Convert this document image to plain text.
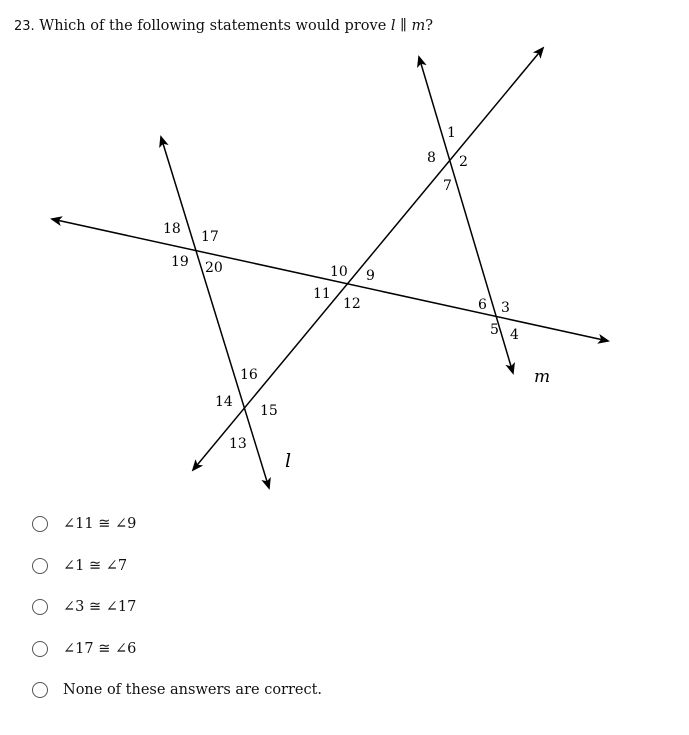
23. Which of the following statements would prove l ∥ m?
1
2
8
7
18 17
19 20	10 9
11
12	6 3
5 4
16
14
15
13
m
l
∠11 ≅ ∠9
∠1 ≅ ∠7
∠3 ≅ ∠17
∠17 ≅ ∠6
None of these answers are correct.
